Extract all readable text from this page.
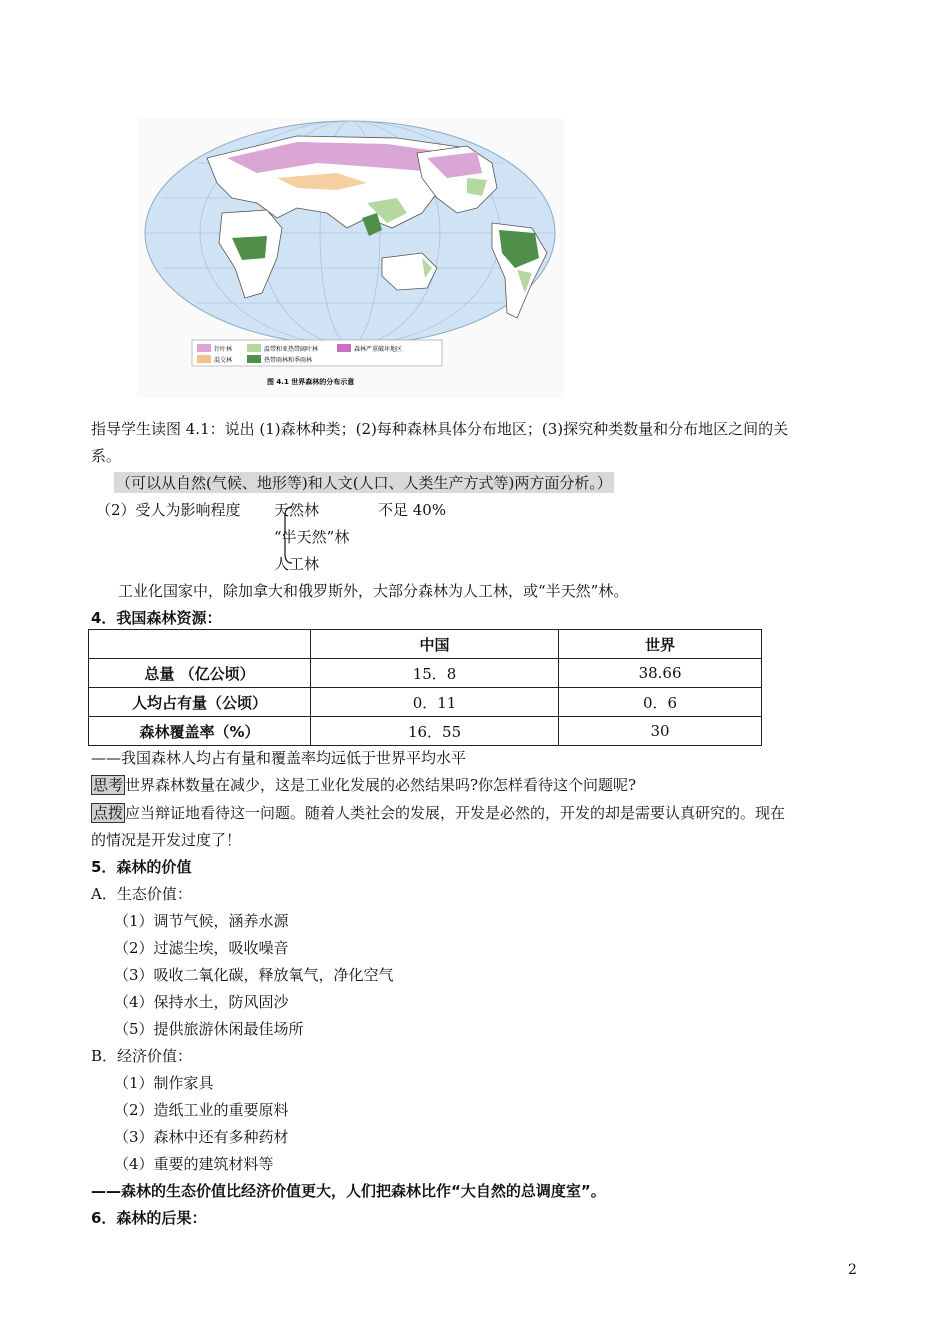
针叶林
混交林
温带和亚热带阔叶林
热带雨林和季雨林
森林严重破坏地区
图 4.1 世界森林的分布示意
指导学生读图 4.1：说出 (1)森林种类；(2)每种森林具体分布地区；(3)探究种类数量和分布地区之间的关
系。
（可以从自然(气候、地形等)和人文(人口、人类生产方式等)两方面分析。）
（2）受人为影响程度 天然林	不足 40%
“半天然”林
人工林
工业化国家中，除加拿大和俄罗斯外，大部分森林为人工林，或“半天然”林。
4．我国森林资源：
	中国	世界
总量 （亿公顷）	15．8	38.66
人均占有量（公顷）	0．11	0．6
森林覆盖率（%）	16．55	30
——我国森林人均占有量和覆盖率均远低于世界平均水平
思考 世界森林数量在减少，这是工业化发展的必然结果吗?你怎样看待这个问题呢?
点拨 应当辩证地看待这一问题。随着人类社会的发展，开发是必然的，开发的却是需要认真研究的。现在
的情况是开发过度了！
5．森林的价值
A．生态价值：
（1）调节气候，涵养水源
（2）过滤尘埃，吸收噪音
（3）吸收二氧化碳，释放氧气，净化空气
（4）保持水土，防风固沙
（5）提供旅游休闲最佳场所
B．经济价值：
（1）制作家具
（2）造纸工业的重要原料
（3）森林中还有多种药材
（4）重要的建筑材料等
——森林的生态价值比经济价值更大，人们把森林比作“大自然的总调度室”。
6．森林的后果：
2
